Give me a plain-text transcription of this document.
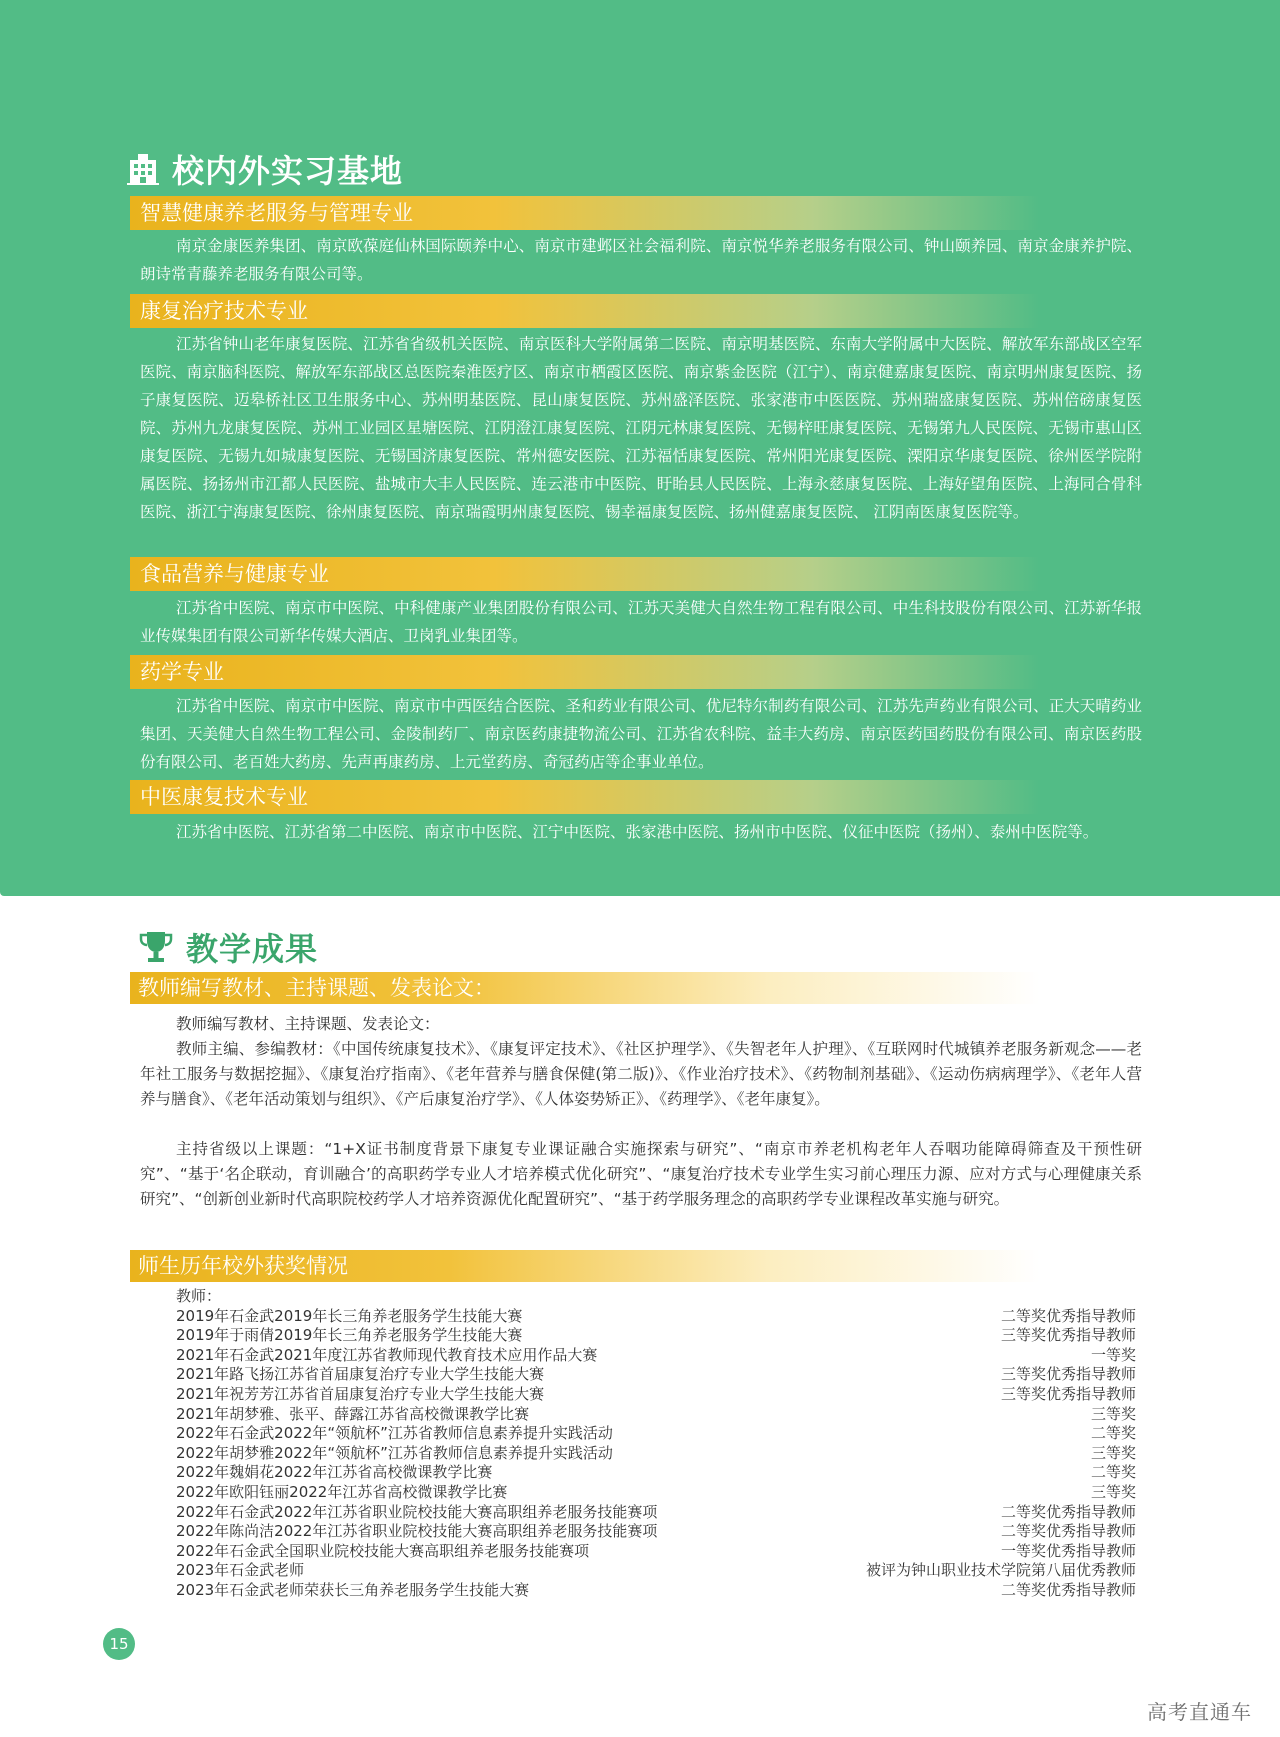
校内外实习基地
智慧健康养老服务与管理专业

南京金康医养集团、南京欧葆庭仙林国际颐养中心、南京市建邺区社会福利院、南京悦华养老服务有限公司、钟山颐养园、南京金康养护院、朗诗常青藤养老服务有限公司等。

康复治疗技术专业

江苏省钟山老年康复医院、江苏省省级机关医院、南京医科大学附属第二医院、南京明基医院、东南大学附属中大医院、解放军东部战区空军医院、南京脑科医院、解放军东部战区总医院秦淮医疗区、南京市栖霞区医院、南京紫金医院（江宁）、南京健嘉康复医院、南京明州康复医院、扬子康复医院、迈皋桥社区卫生服务中心、苏州明基医院、昆山康复医院、苏州盛泽医院、张家港市中医医院、苏州瑞盛康复医院、苏州倍磅康复医院、苏州九龙康复医院、苏州工业园区星塘医院、江阴澄江康复医院、江阴元林康复医院、无锡梓旺康复医院、无锡第九人民医院、无锡市惠山区康复医院、无锡九如城康复医院、无锡国济康复医院、常州德安医院、江苏福恬康复医院、常州阳光康复医院、溧阳京华康复医院、徐州医学院附属医院、扬扬州市江都人民医院、盐城市大丰人民医院、连云港市中医院、盱眙县人民医院、上海永慈康复医院、上海好望角医院、上海同合骨科医院、浙江宁海康复医院、徐州康复医院、南京瑞霞明州康复医院、锡幸福康复医院、扬州健嘉康复医院、 江阴南医康复医院等。

食品营养与健康专业

江苏省中医院、南京市中医院、中科健康产业集团股份有限公司、江苏天美健大自然生物工程有限公司、中生科技股份有限公司、江苏新华报业传媒集团有限公司新华传媒大酒店、卫岗乳业集团等。

药学专业

江苏省中医院、南京市中医院、南京市中西医结合医院、圣和药业有限公司、优尼特尔制药有限公司、江苏先声药业有限公司、正大天晴药业集团、天美健大自然生物工程公司、金陵制药厂、南京医药康捷物流公司、江苏省农科院、益丰大药房、南京医药国药股份有限公司、南京医药股份有限公司、老百姓大药房、先声再康药房、上元堂药房、奇冠药店等企事业单位。

中医康复技术专业

江苏省中医院、江苏省第二中医院、南京市中医院、江宁中医院、张家港中医院、扬州市中医院、仪征中医院（扬州）、泰州中医院等。

教学成果
教师编写教材、主持课题、发表论文：

教师编写教材、主持课题、发表论文：

教师主编、参编教材：《中国传统康复技术》、《康复评定技术》、《社区护理学》、《失智老年人护理》、《互联网时代城镇养老服务新观念——老年社工服务与数据挖掘》、《康复治疗指南》、《老年营养与膳食保健(第二版)》、《作业治疗技术》、《药物制剂基础》、《运动伤病病理学》、《老年人营养与膳食》、《老年活动策划与组织》、《产后康复治疗学》、《人体姿势矫正》、《药理学》、《老年康复》。

主持省级以上课题：“1+X证书制度背景下康复专业课证融合实施探索与研究”、“南京市养老机构老年人吞咽功能障碍筛查及干预性研究”、“基于‘名企联动，育训融合’的高职药学专业人才培养模式优化研究”、“康复治疗技术专业学生实习前心理压力源、应对方式与心理健康关系研究”、“创新创业新时代高职院校药学人才培养资源优化配置研究”、“基于药学服务理念的高职药学专业课程改革实施与研究。

师生历年校外获奖情况
教师：
2019年石金武2019年长三角养老服务学生技能大赛	二等奖优秀指导教师
2019年于雨倩2019年长三角养老服务学生技能大赛	三等奖优秀指导教师
2021年石金武2021年度江苏省教师现代教育技术应用作品大赛	一等奖
2021年路飞扬江苏省首届康复治疗专业大学生技能大赛	三等奖优秀指导教师
2021年祝芳芳江苏省首届康复治疗专业大学生技能大赛	三等奖优秀指导教师
2021年胡梦雅、张平、薛露江苏省高校微课教学比赛	三等奖
2022年石金武2022年“领航杯”江苏省教师信息素养提升实践活动	二等奖
2022年胡梦雅2022年“领航杯”江苏省教师信息素养提升实践活动	三等奖
2022年魏娟花2022年江苏省高校微课教学比赛	二等奖
2022年欧阳钰丽2022年江苏省高校微课教学比赛	三等奖
2022年石金武2022年江苏省职业院校技能大赛高职组养老服务技能赛项	二等奖优秀指导教师
2022年陈尚洁2022年江苏省职业院校技能大赛高职组养老服务技能赛项	二等奖优秀指导教师
2022年石金武全国职业院校技能大赛高职组养老服务技能赛项	一等奖优秀指导教师
2023年石金武老师	被评为钟山职业技术学院第八届优秀教师
2023年石金武老师荣获长三角养老服务学生技能大赛	二等奖优秀指导教师
15
高考直通车
